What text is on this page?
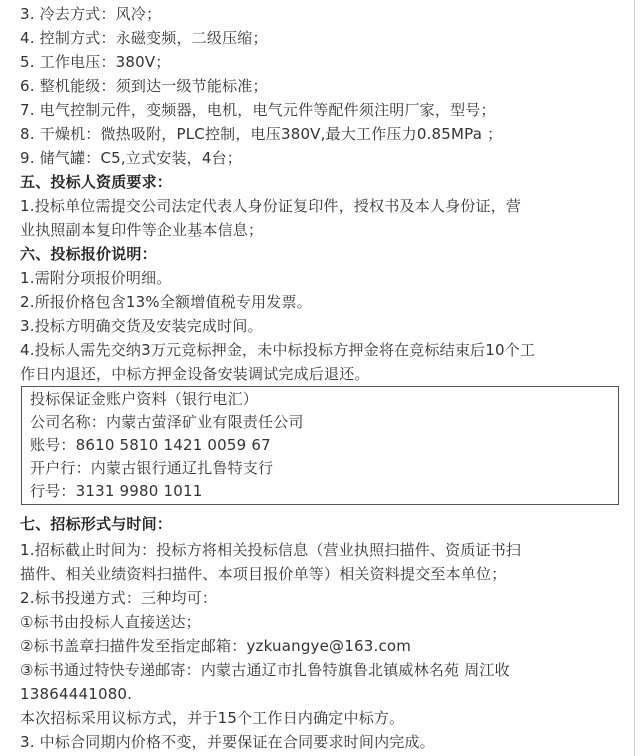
3. 冷去方式：风冷；
4. 控制方式：永磁变频，二级压缩；
5. 工作电压：380V；
6. 整机能级：须到达一级节能标准；
7. 电气控制元件，变频器，电机，电气元件等配件须注明厂家，型号；
8. 干燥机：微热吸附，PLC控制，电压380V,最大工作压力0.85MPa ；
9. 储气罐：C5,立式安装，4台；
五、投标人资质要求：
1.投标单位需提交公司法定代表人身份证复印件，授权书及本人身份证，营
业执照副本复印件等企业基本信息；
六、投标报价说明：
1.需附分项报价明细。
2.所报价格包含13%全额增值税专用发票。
3.投标方明确交货及安装完成时间。
4.投标人需先交纳3万元竞标押金，未中标投标方押金将在竞标结束后10个工
作日内退还，中标方押金设备安装调试完成后退还。
投标保证金账户资料（银行电汇）
公司名称：内蒙古萤泽矿业有限责任公司
账号：8610 5810 1421 0059 67
开户行：内蒙古银行通辽扎鲁特支行
行号：3131 9980 1011
七、招标形式与时间：
1.招标截止时间为：投标方将相关投标信息（营业执照扫描件、资质证书扫
描件、相关业绩资料扫描件、本项目报价单等）相关资料提交至本单位；
2.标书投递方式：三种均可：
①标书由投标人直接送达；
②标书盖章扫描件发至指定邮箱：yzkuangye@163.com
③标书通过特快专递邮寄：内蒙古通辽市扎鲁特旗鲁北镇威林名苑 周江收
13864441080.
本次招标采用议标方式，并于15个工作日内确定中标方。
3. 中标合同期内价格不变，并要保证在合同要求时间内完成。
